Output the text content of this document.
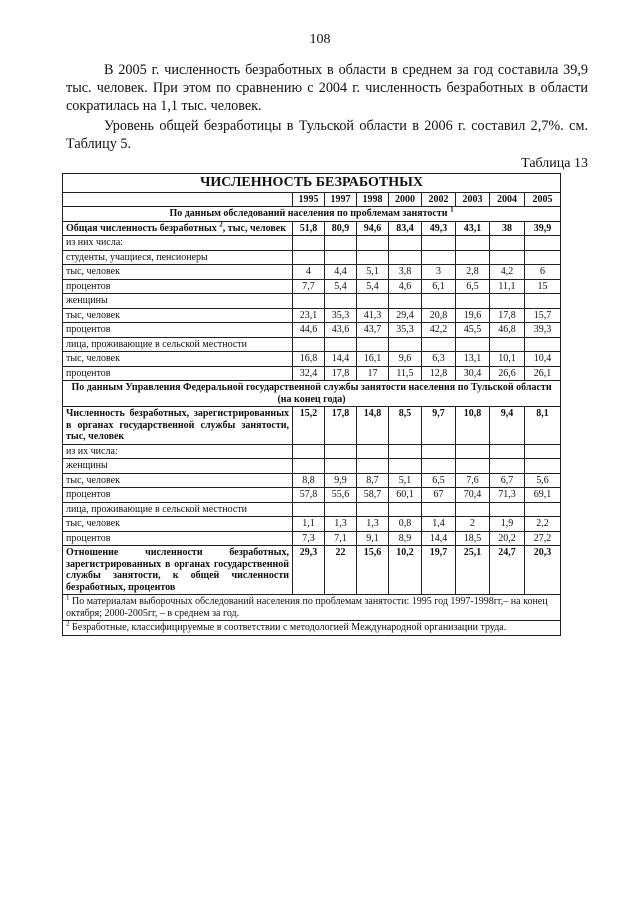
108

В 2005 г. численность безработных в области в среднем за год составила 39,9 тыс. человек. При этом по сравнению с 2004 г. численность безработных в области сократилась на 1,1 тыс. человек.

Уровень общей безработицы в Тульской области в 2006 г. составил 2,7%. см. Таблицу 5.

Таблица 13
ЧИСЛЕННОСТЬ БЕЗРАБОТНЫХ								
	1995	1997	1998	2000	2002	2003	2004	2005
По данным обследований населения по проблемам занятости $^1$
Общая численность безработных $^2$, тыс, человек	51,8	80,9	94,6	83,4	49,3	43,1	38	39,9
из них числа:								
студенты, учащиеся, пенсионеры								
тыс, человек	4	4,4	5,1	3,8	3	2,8	4,2	6
процентов	7,7	5,4	5,4	4,6	6,1	6,5	11,1	15
женщины								
тыс, человек	23,1	35,3	41,3	29,4	20,8	19,6	17,8	15,7
процентов	44,6	43,6	43,7	35,3	42,2	45,5	46,8	39,3
лица, проживающие в сельской местности								
тыс, человек	16,8	14,4	16,1	9,6	6,3	13,1	10,1	10,4
процентов	32,4	17,8	17	11,5	12,8	30,4	26,6	26,1
По данным Управления Федеральной государственной службы занятости населения по Тульской области (на конец года)								
Численность безработных, зарегистрированных в органах государственной службы занятости, тыс, человек	15,2	17,8	14,8	8,5	9,7	10,8	9,4	8,1
из их числа:								
женщины								
тыс, человек	8,8	9,9	8,7	5,1	6,5	7,6	6,7	5,6
процентов	57,8	55,6	58,7	60,1	67	70,4	71,3	69,1
лица, проживающие в сельской местности								
тыс, человек	1,1	1,3	1,3	0,8	1,4	2	1,9	2,2
процентов	7,3	7,1	9,1	8,9	14,4	18,5	20,2	27,2
Отношение численности безработных, зарегистрированных в органах государственной службы занятости, к общей численности безработных, процентов	29,3	22	15,6	10,2	19,7	25,1	24,7	20,3
$^1$ По материалам выборочных обследований населения по проблемам занятости: 1995 год 1997-1998гг,– на конец октября; 2000-2005гг, – в среднем за год.								
$^2$ Безработные, классифицируемые в соответствии с методологией Международной организации труда.								
